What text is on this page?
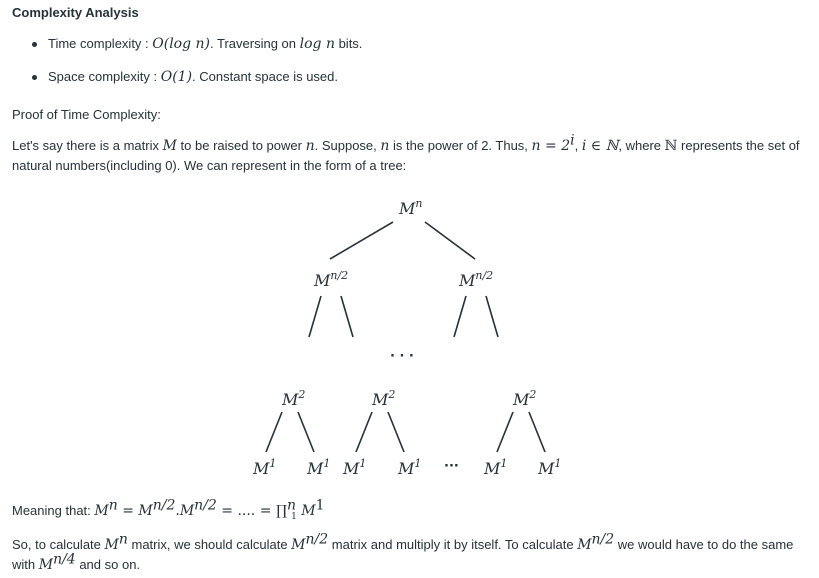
Complexity Analysis
Time complexity : O(log n). Traversing on log n bits.
Space complexity : O(1). Constant space is used.
Proof of Time Complexity:
Let's say there is a matrix M to be raised to power n. Suppose, n is the power of 2. Thus, $n = 2^i$, i ∈ ℕ, where ℕ represents the set of natural numbers(including 0). We can represent in the form of a tree:
$M^n$
$M^{n/2}$	$M^{n/2}$
· · ·
$M^2$	$M^2$	$M^2$
$M^1$ $M^1$ $M^1$ $M^1$ ··· $M^1$ $M^1$
Meaning that: $M^n = M^{n/2}.M^{n/2}$ = .... = ∏$^n_1$ $M^1$
So, to calculate $M^n$ matrix, we should calculate $M^{n/2}$ matrix and multiply it by itself. To calculate $M^{n/2}$ we would have to do the same with $M^{n/4}$ and so on.
